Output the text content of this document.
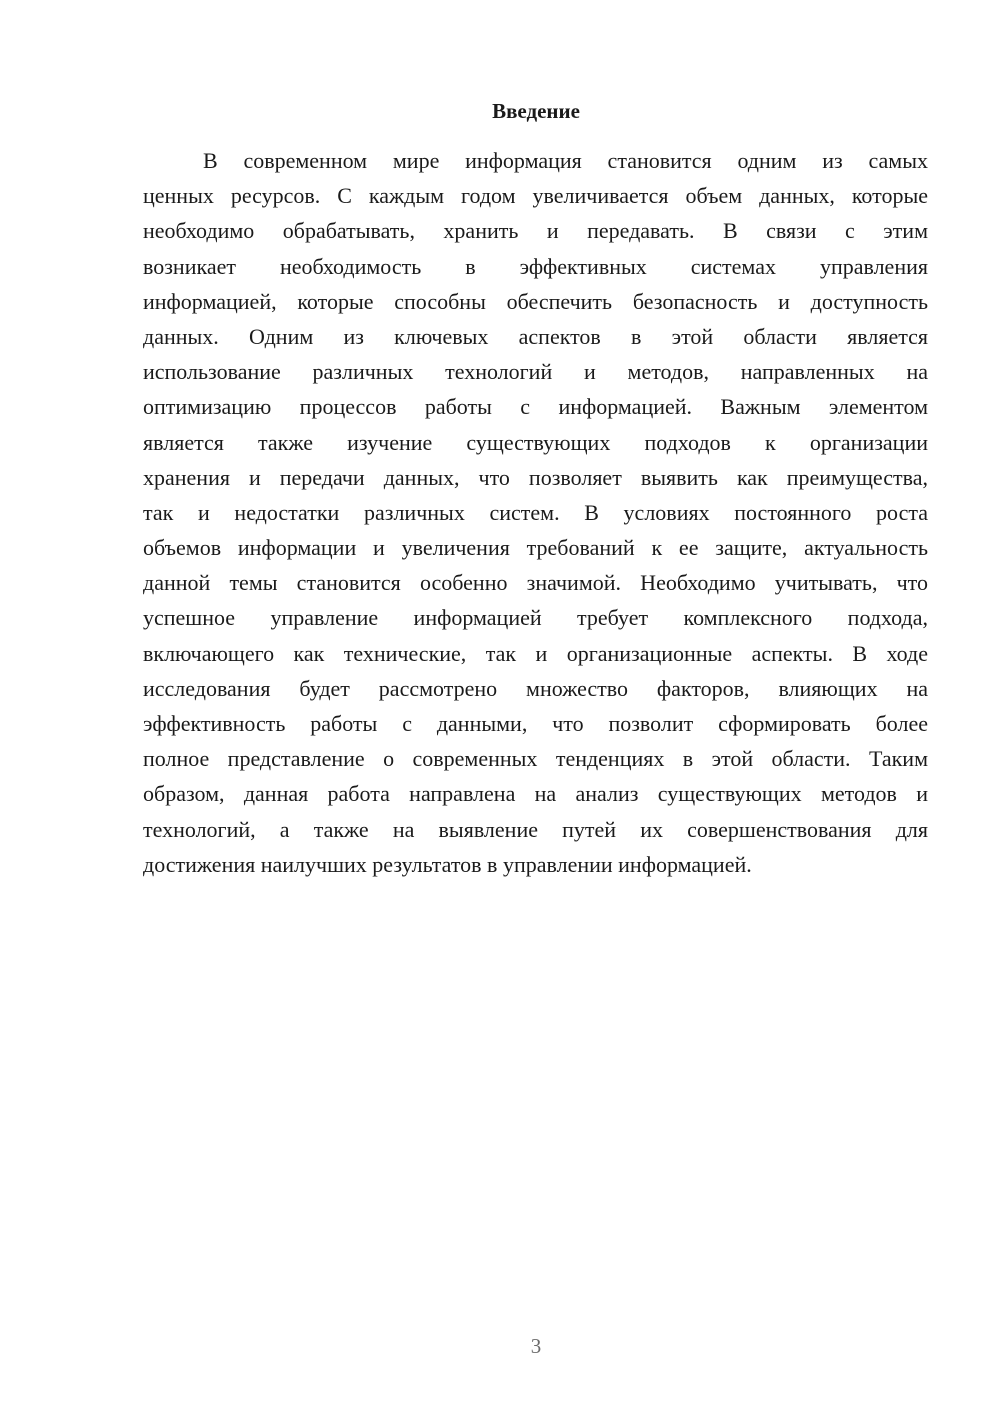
Введение
В современном мире информация становится одним из самых
ценных ресурсов. С каждым годом увеличивается объем данных, которые
необходимо обрабатывать, хранить и передавать. В связи с этим
возникает необходимость в эффективных системах управления
информацией, которые способны обеспечить безопасность и доступность
данных. Одним из ключевых аспектов в этой области является
использование различных технологий и методов, направленных на
оптимизацию процессов работы с информацией. Важным элементом
является также изучение существующих подходов к организации
хранения и передачи данных, что позволяет выявить как преимущества,
так и недостатки различных систем. В условиях постоянного роста
объемов информации и увеличения требований к ее защите, актуальность
данной темы становится особенно значимой. Необходимо учитывать, что
успешное управление информацией требует комплексного подхода,
включающего как технические, так и организационные аспекты. В ходе
исследования будет рассмотрено множество факторов, влияющих на
эффективность работы с данными, что позволит сформировать более
полное представление о современных тенденциях в этой области. Таким
образом, данная работа направлена на анализ существующих методов и
технологий, а также на выявление путей их совершенствования для
достижения наилучших результатов в управлении информацией.
3
